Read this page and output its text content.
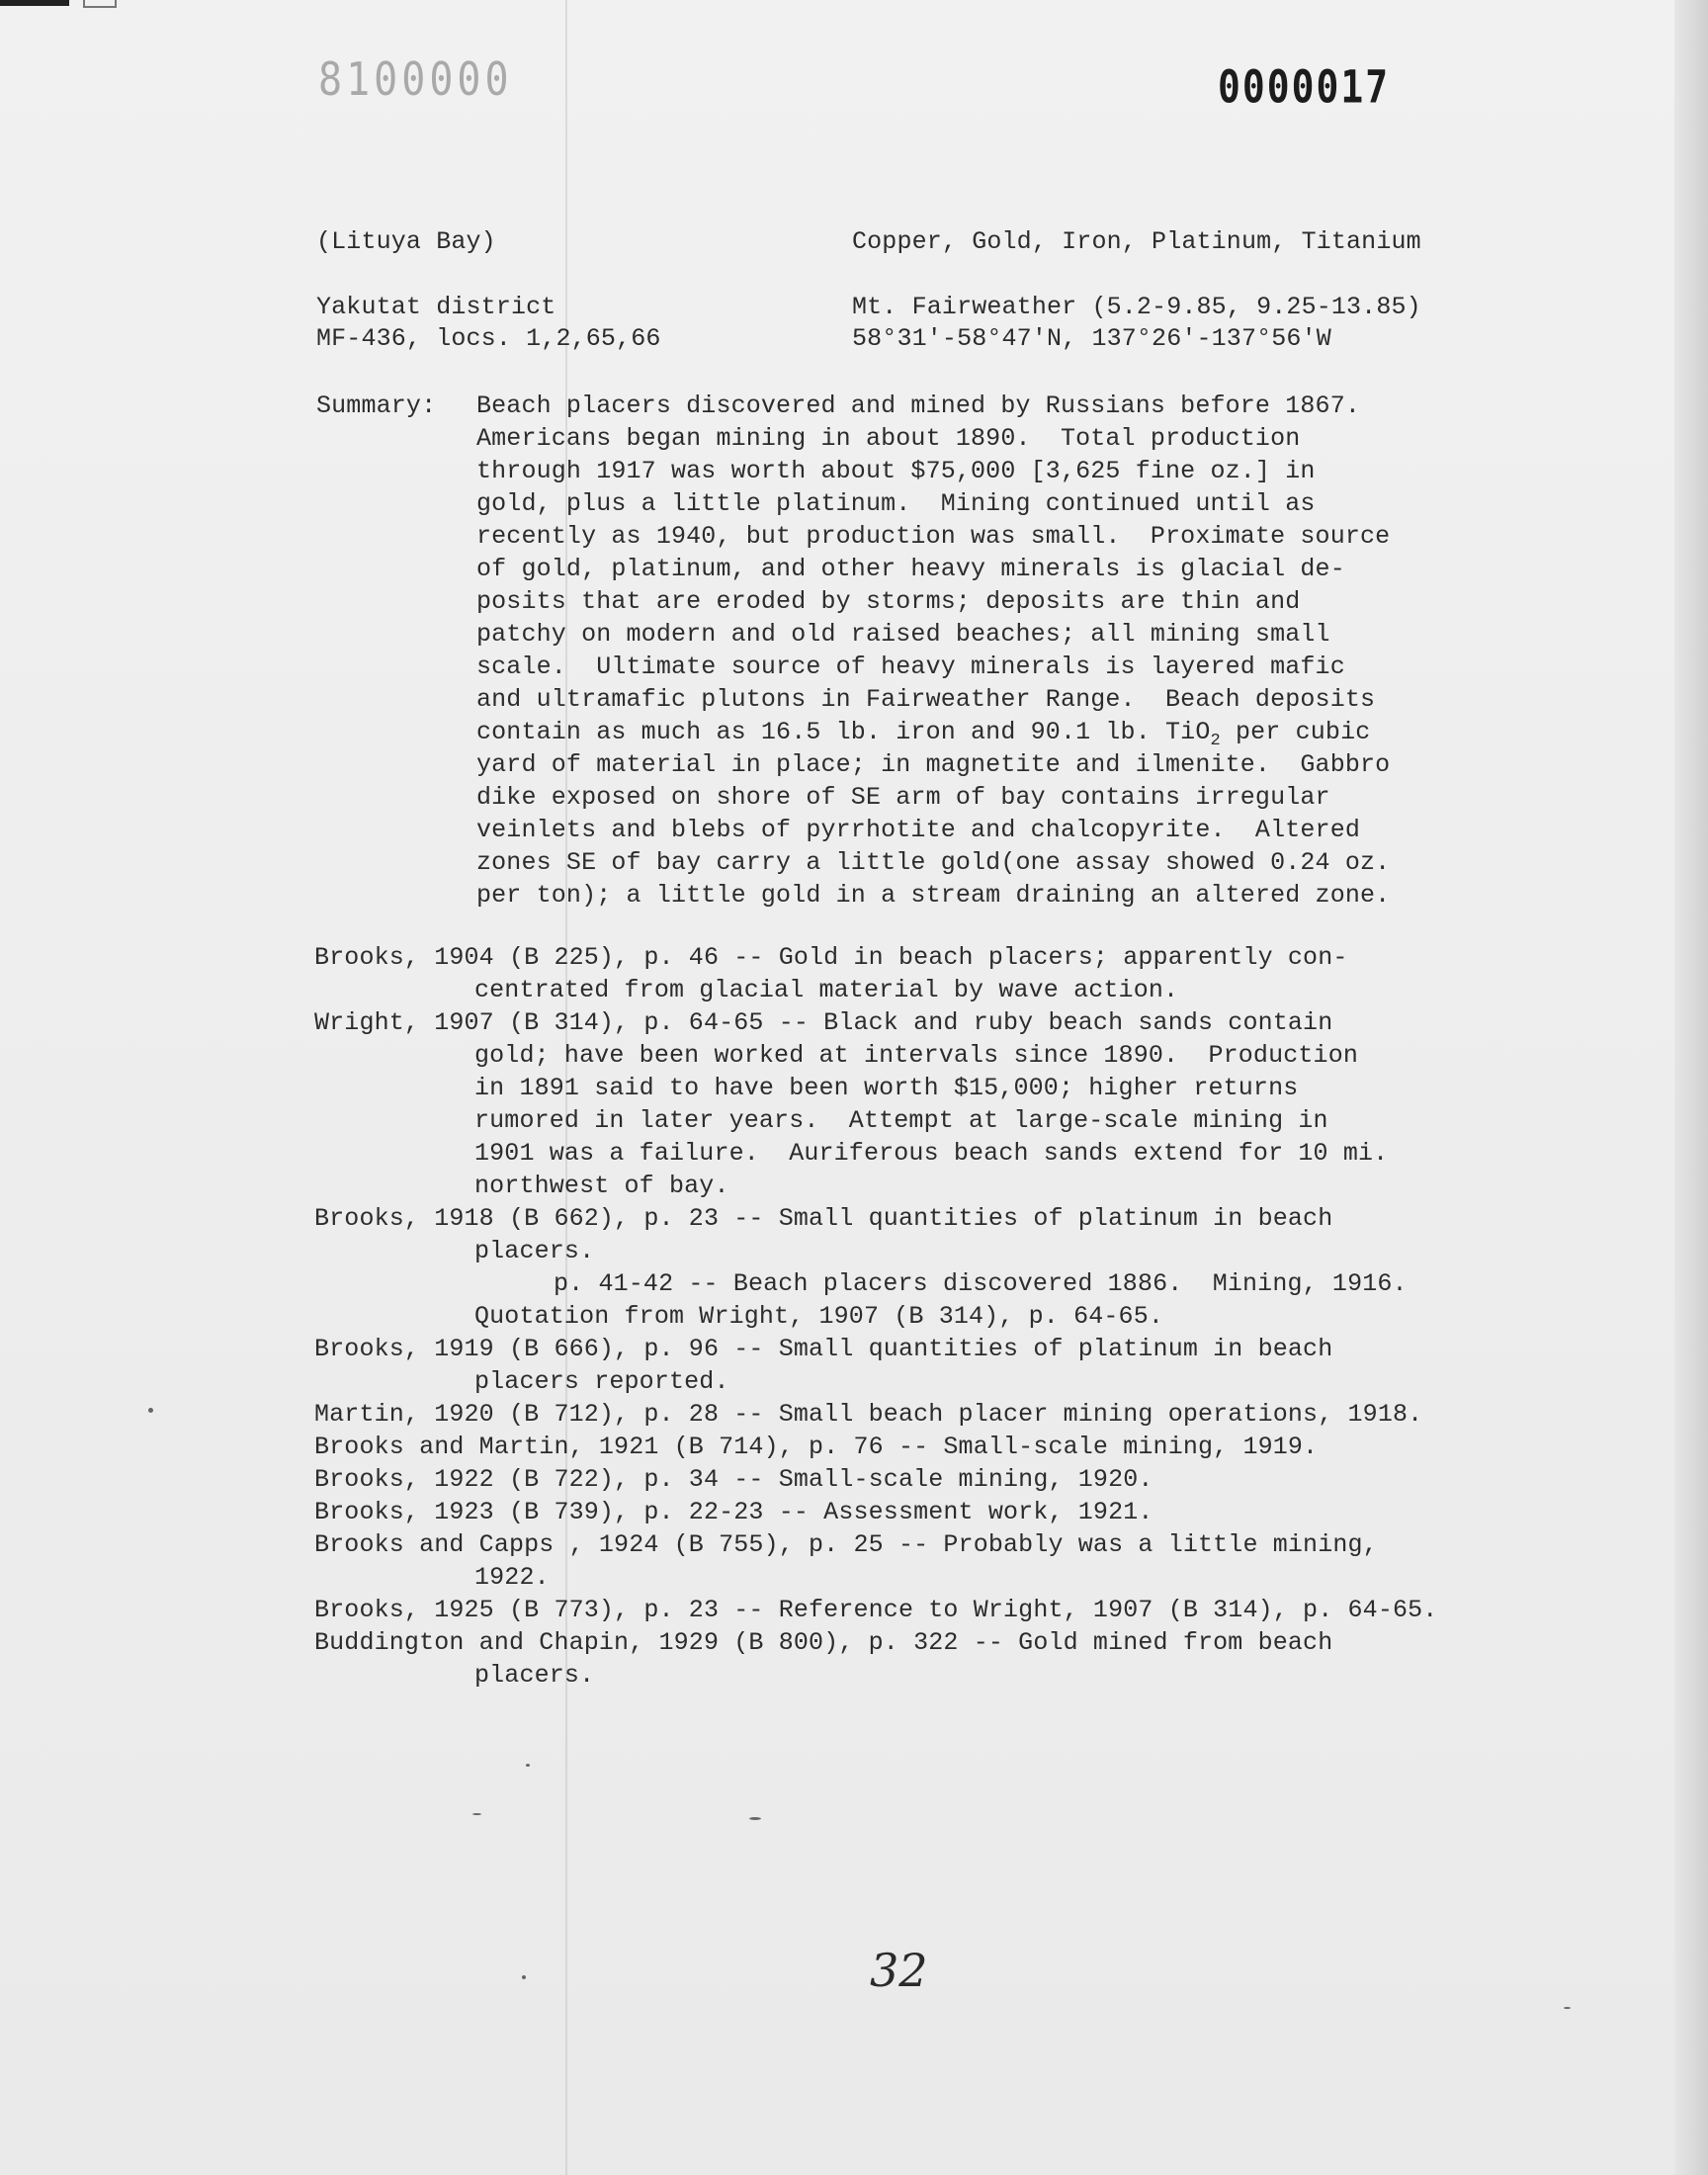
8100000	0000017
(Lituya Bay)	Copper, Gold, Iron, Platinum, Titanium
Yakutat district	Mt. Fairweather (5.2-9.85, 9.25-13.85)
MF-436, locs. 1,2,65,66	58°31'-58°47'N, 137°26'-137°56'W
Summary: Beach placers discovered and mined by Russians before 1867.
Americans began mining in about 1890.  Total production
through 1917 was worth about $75,000 [3,625 fine oz.] in
gold, plus a little platinum.  Mining continued until as
recently as 1940, but production was small.  Proximate source
of gold, platinum, and other heavy minerals is glacial de-
posits that are eroded by storms; deposits are thin and
patchy on modern and old raised beaches; all mining small
scale.  Ultimate source of heavy minerals is layered mafic
and ultramafic plutons in Fairweather Range.  Beach deposits
contain as much as 16.5 lb. iron and 90.1 lb. TiO$_2$ per cubic
yard of material in place; in magnetite and ilmenite.  Gabbro
dike exposed on shore of SE arm of bay contains irregular
veinlets and blebs of pyrrhotite and chalcopyrite.  Altered
zones SE of bay carry a little gold(one assay showed 0.24 oz.
per ton); a little gold in a stream draining an altered zone.
Brooks, 1904 (B 225), p. 46 -- Gold in beach placers; apparently con-
centrated from glacial material by wave action.
Wright, 1907 (B 314), p. 64-65 -- Black and ruby beach sands contain
gold; have been worked at intervals since 1890.  Production
in 1891 said to have been worth $15,000; higher returns
rumored in later years.  Attempt at large-scale mining in
1901 was a failure.  Auriferous beach sands extend for 10 mi.
northwest of bay.
Brooks, 1918 (B 662), p. 23 -- Small quantities of platinum in beach
placers.
p. 41-42 -- Beach placers discovered 1886.  Mining, 1916.
Quotation from Wright, 1907 (B 314), p. 64-65.
Brooks, 1919 (B 666), p. 96 -- Small quantities of platinum in beach
placers reported.
Martin, 1920 (B 712), p. 28 -- Small beach placer mining operations, 1918.
Brooks and Martin, 1921 (B 714), p. 76 -- Small-scale mining, 1919.
Brooks, 1922 (B 722), p. 34 -- Small-scale mining, 1920.
Brooks, 1923 (B 739), p. 22-23 -- Assessment work, 1921.
Brooks and Capps , 1924 (B 755), p. 25 -- Probably was a little mining,
1922.
Brooks, 1925 (B 773), p. 23 -- Reference to Wright, 1907 (B 314), p. 64-65.
Buddington and Chapin, 1929 (B 800), p. 322 -- Gold mined from beach
placers.
32
